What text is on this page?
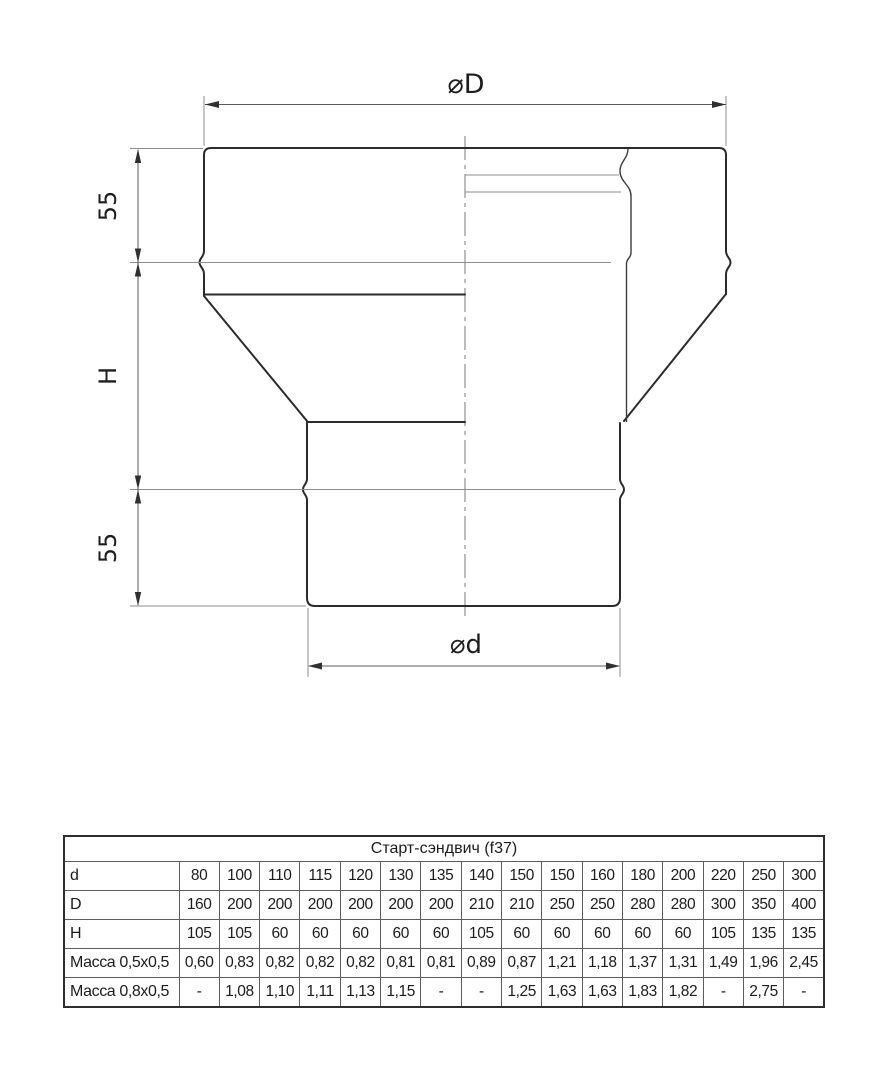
⌀D
⌀d
55
H
55
Старт-сэндвич (f37)																
d	80	100	110	115	120	130	135	140	150	150	160	180	200	220	250	300
D	160	200	200	200	200	200	200	210	210	250	250	280	280	300	350	400
H	105	105	60	60	60	60	60	105	60	60	60	60	60	105	135	135
Масса 0,5x0,5	0,60	0,83	0,82	0,82	0,82	0,81	0,81	0,89	0,87	1,21	1,18	1,37	1,31	1,49	1,96	2,45
Масса 0,8x0,5	-	1,08	1,10	1,11	1,13	1,15	-	-	1,25	1,63	1,63	1,83	1,82	-	2,75	-
